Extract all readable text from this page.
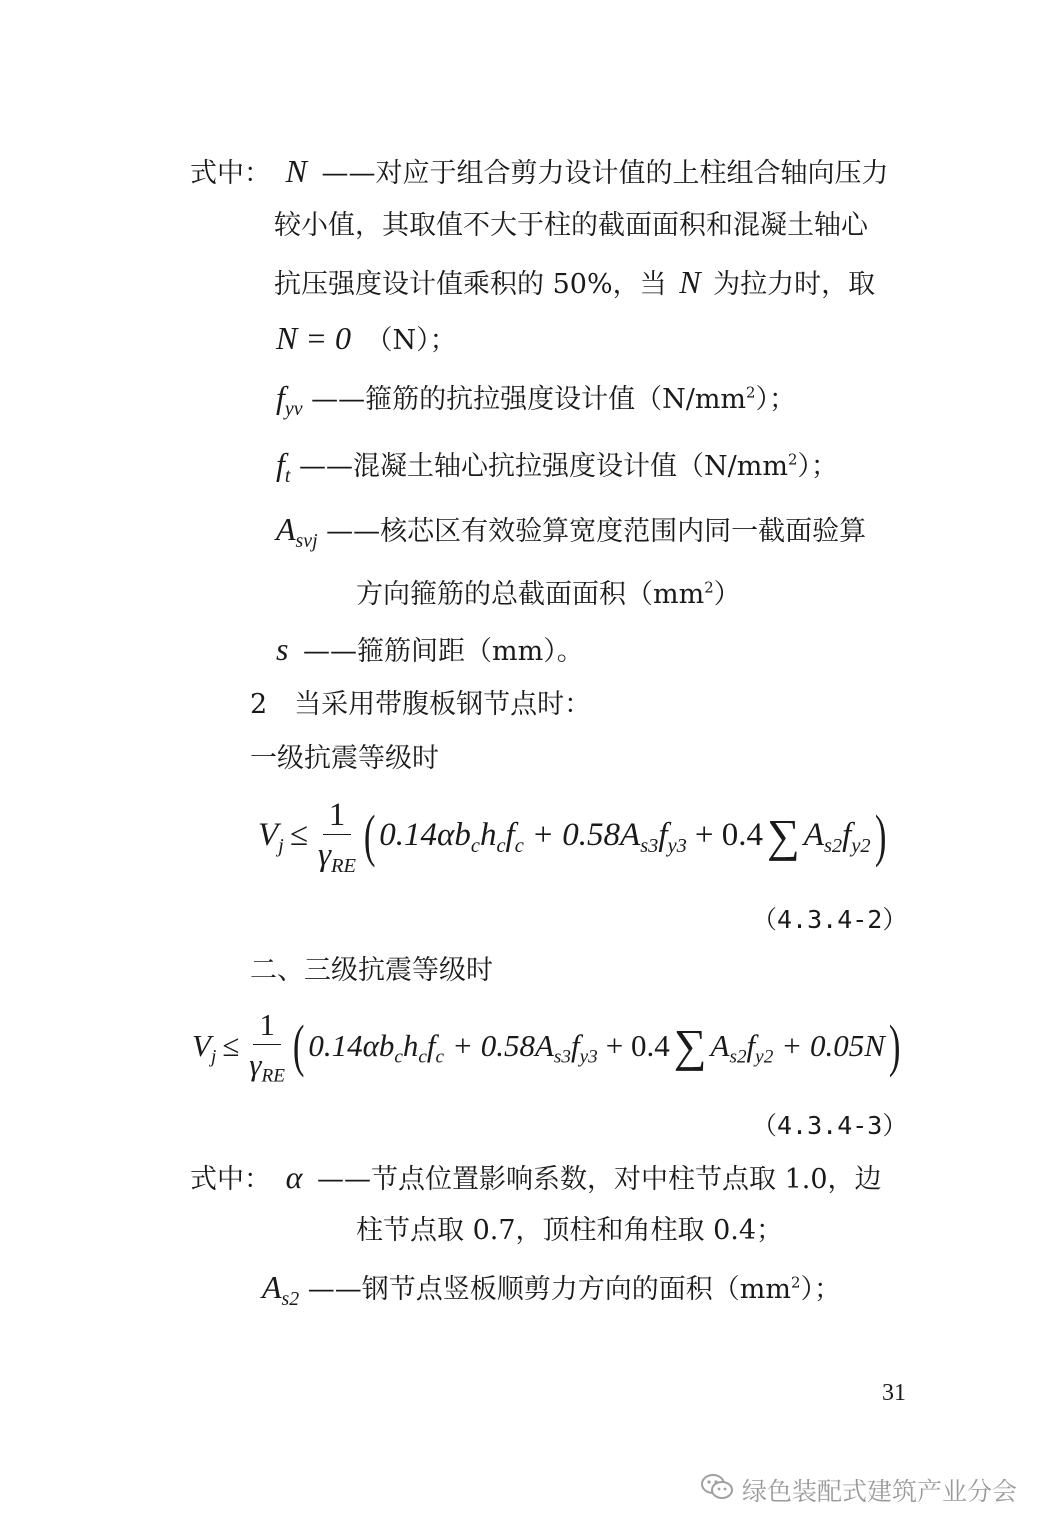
式中： N ——对应于组合剪力设计值的上柱组合轴向压力
较小值，其取值不大于柱的截面面积和混凝土轴心
抗压强度设计值乘积的 50%，当 N 为拉力时，取
N = 0 （N）；
$f_{yv}$ ——箍筋的抗拉强度设计值$(N/mm^2)$；
$f_t$ ——混凝土轴心抗拉强度设计值$(N/mm^2)$；
$A_{svj}$ ——核芯区有效验算宽度范围内同一截面验算
方向箍筋的总截面面积$(mm^2)$
s ——箍筋间距（mm）。
2　当采用带腹板钢节点时：
一级抗震等级时
$V_j \le \frac{1}{\gamma_{RE}}$ ( $0.14\alpha b_ch_cf_c + 0.58A_{s3}f_{y3} + 0.4$ ∑ $A_{s2}f_{y2}$ )
（4.3.4-2）
二、三级抗震等级时
$V_j \le \frac{1}{\gamma_{RE}}$ ( $0.14\alpha b_ch_cf_c + 0.58A_{s3}f_{y3} + 0.4$ ∑ $A_{s2}f_{y2} + 0.05N$ )
（4.3.4-3）
式中： α ——节点位置影响系数，对中柱节点取 1.0，边
柱节点取 0.7，顶柱和角柱取 0.4；
$A_{s2}$ ——钢节点竖板顺剪力方向的面积$(mm^2)$；
31
绿色装配式建筑产业分会
